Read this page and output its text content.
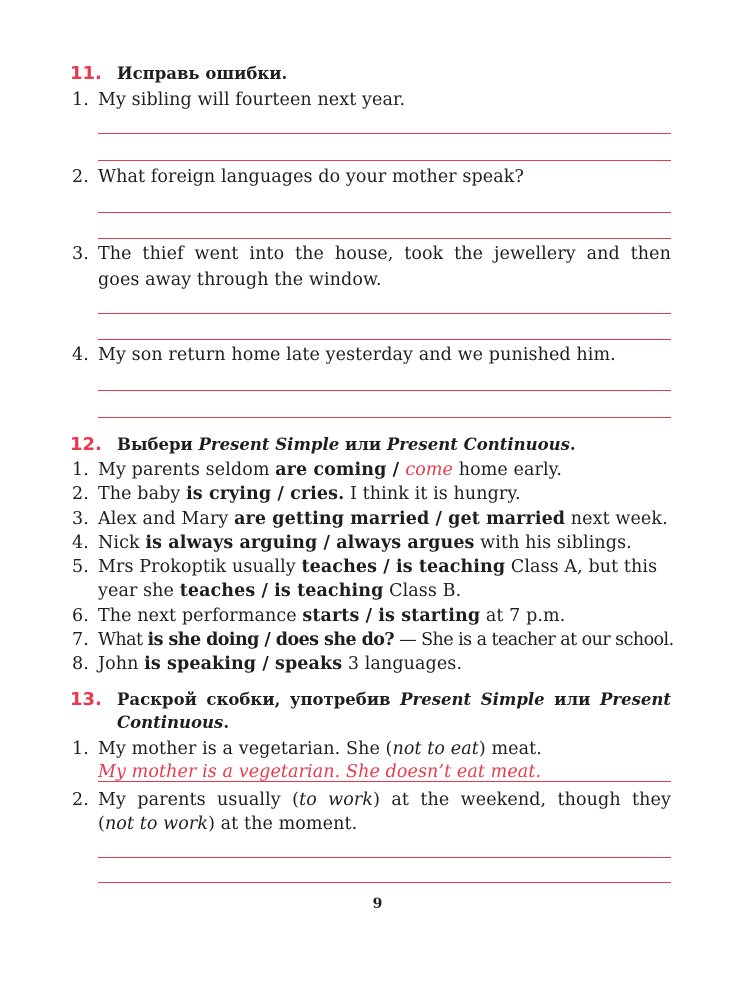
11. Исправь ошибки.
1. My sibling will fourteen next year.
2. What foreign languages do your mother speak?
3. The thief went into the house, took the jewellery and then
goes away through the window.
4. My son return home late yesterday and we punished him.
12. Выбери Present Simple или Present Continuous.
1. My parents seldom are coming / come home early.
2. The baby is crying / cries. I think it is hungry.
3. Alex and Mary are getting married / get married next week.
4. Nick is always arguing / always argues with his siblings.
5. Mrs Prokoptik usually teaches / is teaching Class A, but this
year she teaches / is teaching Class B.
6. The next performance starts / is starting at 7 p.m.
7. What is she doing / does she do? — She is a teacher at our school.
8. John is speaking / speaks 3 languages.
13. Раскрой скобки, употребив Present Simple или Present
Continuous.
1. My mother is a vegetarian. She (not to eat) meat.
My mother is a vegetarian. She doesn’t eat meat.
2. My parents usually (to work) at the weekend, though they
(not to work) at the moment.
9
